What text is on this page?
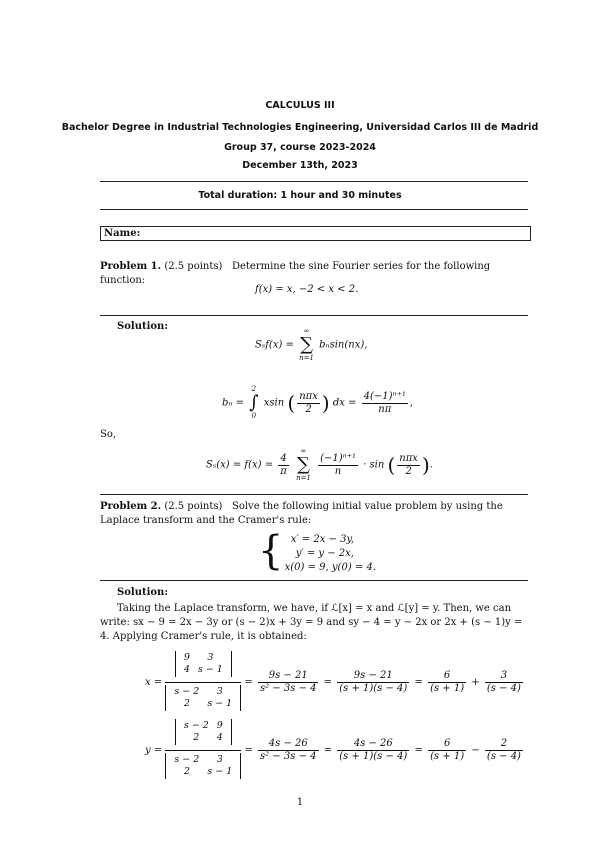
CALCULUS III
Bachelor Degree in Industrial Technologies Engineering, Universidad Carlos III de Madrid
Group 37, course 2023-2024
December 13th, 2023
Total duration: 1 hour and 30 minutes
Name:
Problem 1. (2.5 points) Determine the sine Fourier series for the following function:
f(x) = x, −2 < x < 2.
Solution:
Sₛf(x) =
∞
∑
n=1
bₙsin(nx),
bₙ =
2
∫
0
xsin ( $\frac{\text{nπx}}{2}$ ) dx = $\frac{\text{4(−1)ⁿ⁺¹}}{n\pi}$ ,
So,
$S_s(x) = f(x) = \frac{4}{\pi}$

∞
∑
n=1

$\frac{\text{(−1)ⁿ⁺¹}}{n} \cdot \sin$ ( $\frac{\text{nπx}}{2}$ ).
Problem 2. (2.5 points) Solve the following initial value problem by using the Laplace transform and the Cramer's rule:
{ x′ = 2x − 3y,
y′ = y − 2x,
x(0) = 9, y(0) = 4.
Solution:
Taking the Laplace transform, we have, if ℒ[x] = x and ℒ[y] = y. Then, we can write: sx − 9 = 2x − 3y or (s − 2)x + 3y = 9 and sy − 4 = y − 2x or 2x + (s − 1)y = 4. Applying Cramer's rule, it is obtained:
x = 9	3
4	s − 1
s − 2	3
2	$s - 1 = \frac{9s - 21}{\text{s² − 3s − 4}} = \frac{9s - 21}{(s + 1)(s - 4)} = \frac{6}{(s + 1)} + \frac{3}{(s - 4)}$
y = s − 2	9
2	4
s − 2	3
2	$s - 1 = \frac{4s - 26}{\text{s² − 3s − 4}} = \frac{4s - 26}{(s + 1)(s - 4)} = \frac{6}{(s + 1)} - \frac{2}{(s - 4)}$
1
